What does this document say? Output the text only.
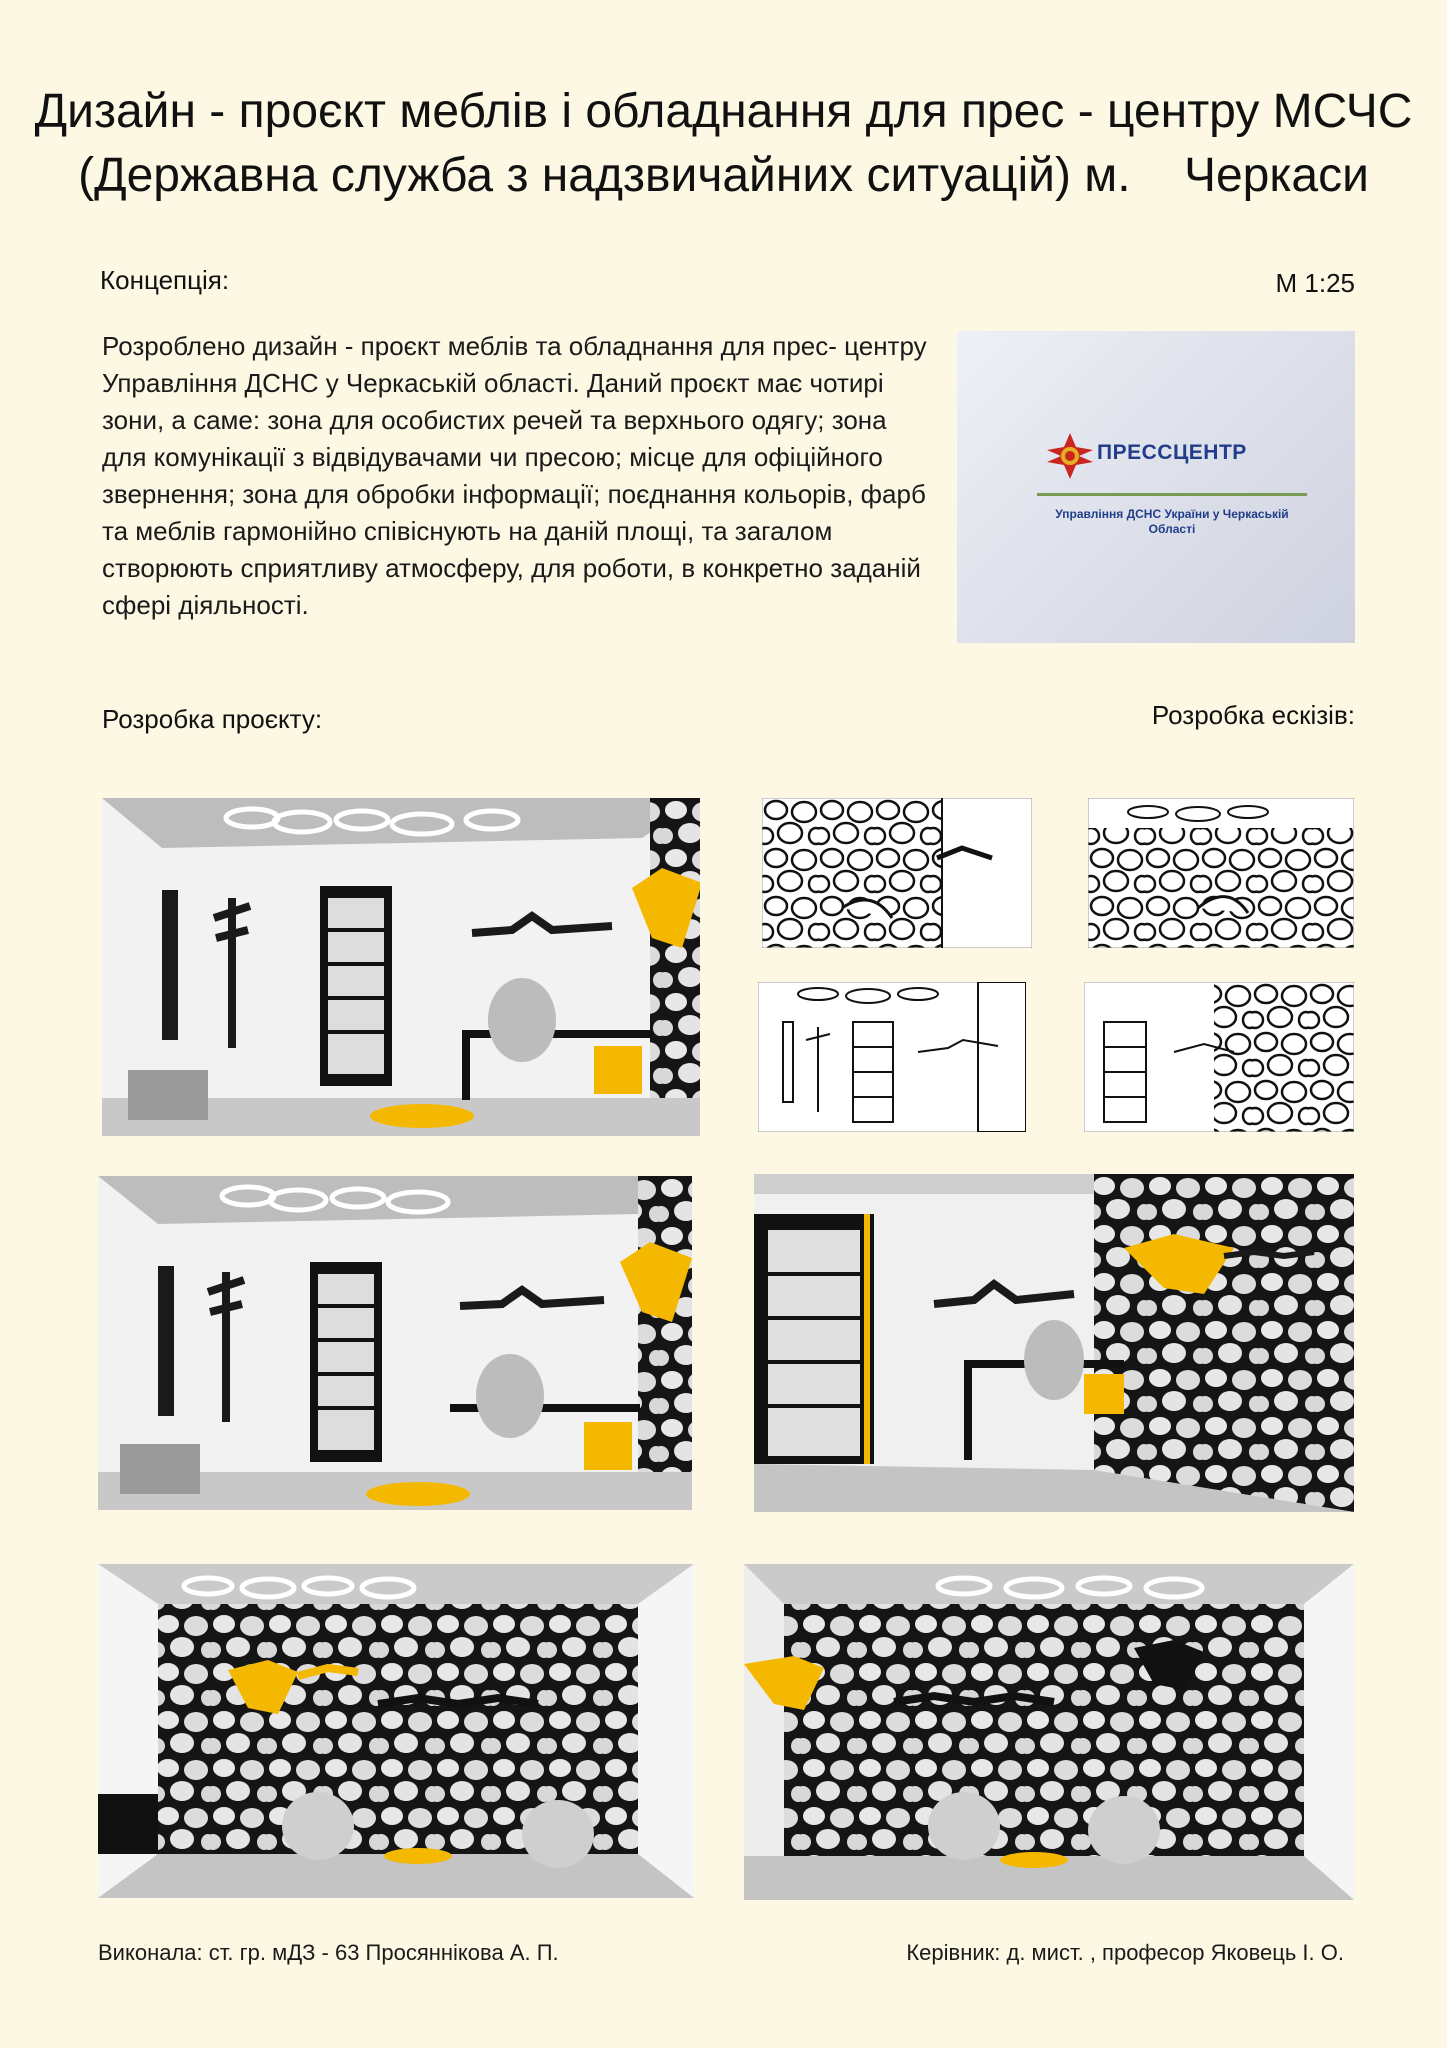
Дизайн - проєкт меблів і обладнання для прес - центру МСЧС
(Державна служба з надзвичайних ситуацій) м.    Черкаси
Концепція:	М 1:25
Розроблено дизайн - проєкт меблів та обладнання для прес- центру Управління ДСНС у Черкаській області. Даний проєкт має чотирі зони, а саме: зона для особистих речей та верхнього одягу; зона для комунікації з відвідувачами чи пресою; місце для офіційного звернення; зона для обробки інформації; поєднання кольорів, фарб та меблів гармонійно співіснують на даній площі, та загалом створюють сприятливу атмосферу, для роботи, в конкретно заданій сфері діяльності.
ПРЕССЦЕНТР
Управління ДСНС України у Черкаській Області
Розробка проєкту:	Розробка ескізів:
Виконала: ст. гр. мДЗ - 63 Просяннікова А. П.	Керівник: д. мист. , професор Яковець І. О.
